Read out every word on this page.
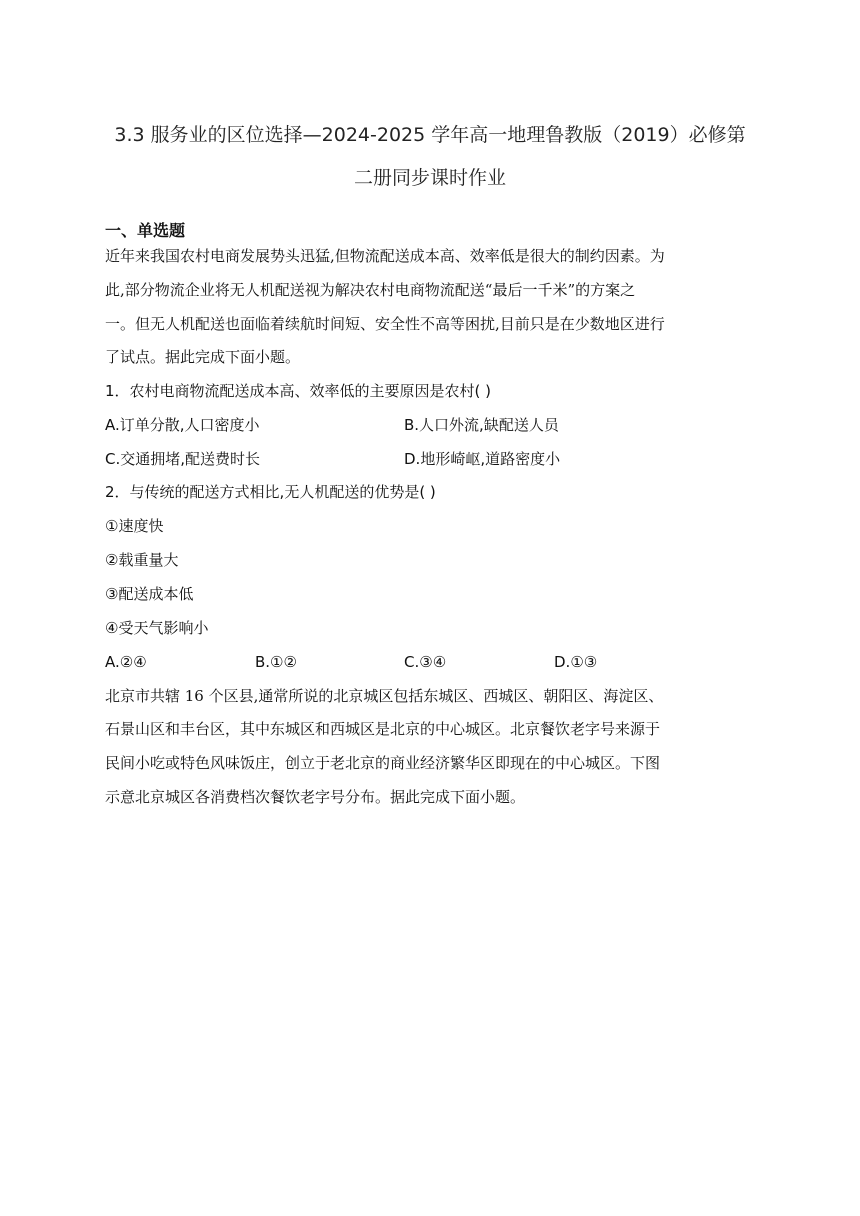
3.3 服务业的区位选择—2024-2025 学年高一地理鲁教版（2019）必修第
二册同步课时作业
一、单选题
近年来我国农村电商发展势头迅猛,但物流配送成本高、效率低是很大的制约因素。为
此,部分物流企业将无人机配送视为解决农村电商物流配送“最后一千米”的方案之
一。但无人机配送也面临着续航时间短、安全性不高等困扰,目前只是在少数地区进行
了试点。据此完成下面小题。
1．农村电商物流配送成本高、效率低的主要原因是农村( )
A.订单分散,人口密度小	B.人口外流,缺配送人员
C.交通拥堵,配送费时长	D.地形崎岖,道路密度小
2．与传统的配送方式相比,无人机配送的优势是( )
①速度快
②载重量大
③配送成本低
④受天气影响小
A.②④	B.①②	C.③④	D.①③
北京市共辖 16 个区县,通常所说的北京城区包括东城区、西城区、朝阳区、海淀区、
石景山区和丰台区，其中东城区和西城区是北京的中心城区。北京餐饮老字号来源于
民间小吃或特色风味饭庄，创立于老北京的商业经济繁华区即现在的中心城区。下图
示意北京城区各消费档次餐饮老字号分布。据此完成下面小题。
